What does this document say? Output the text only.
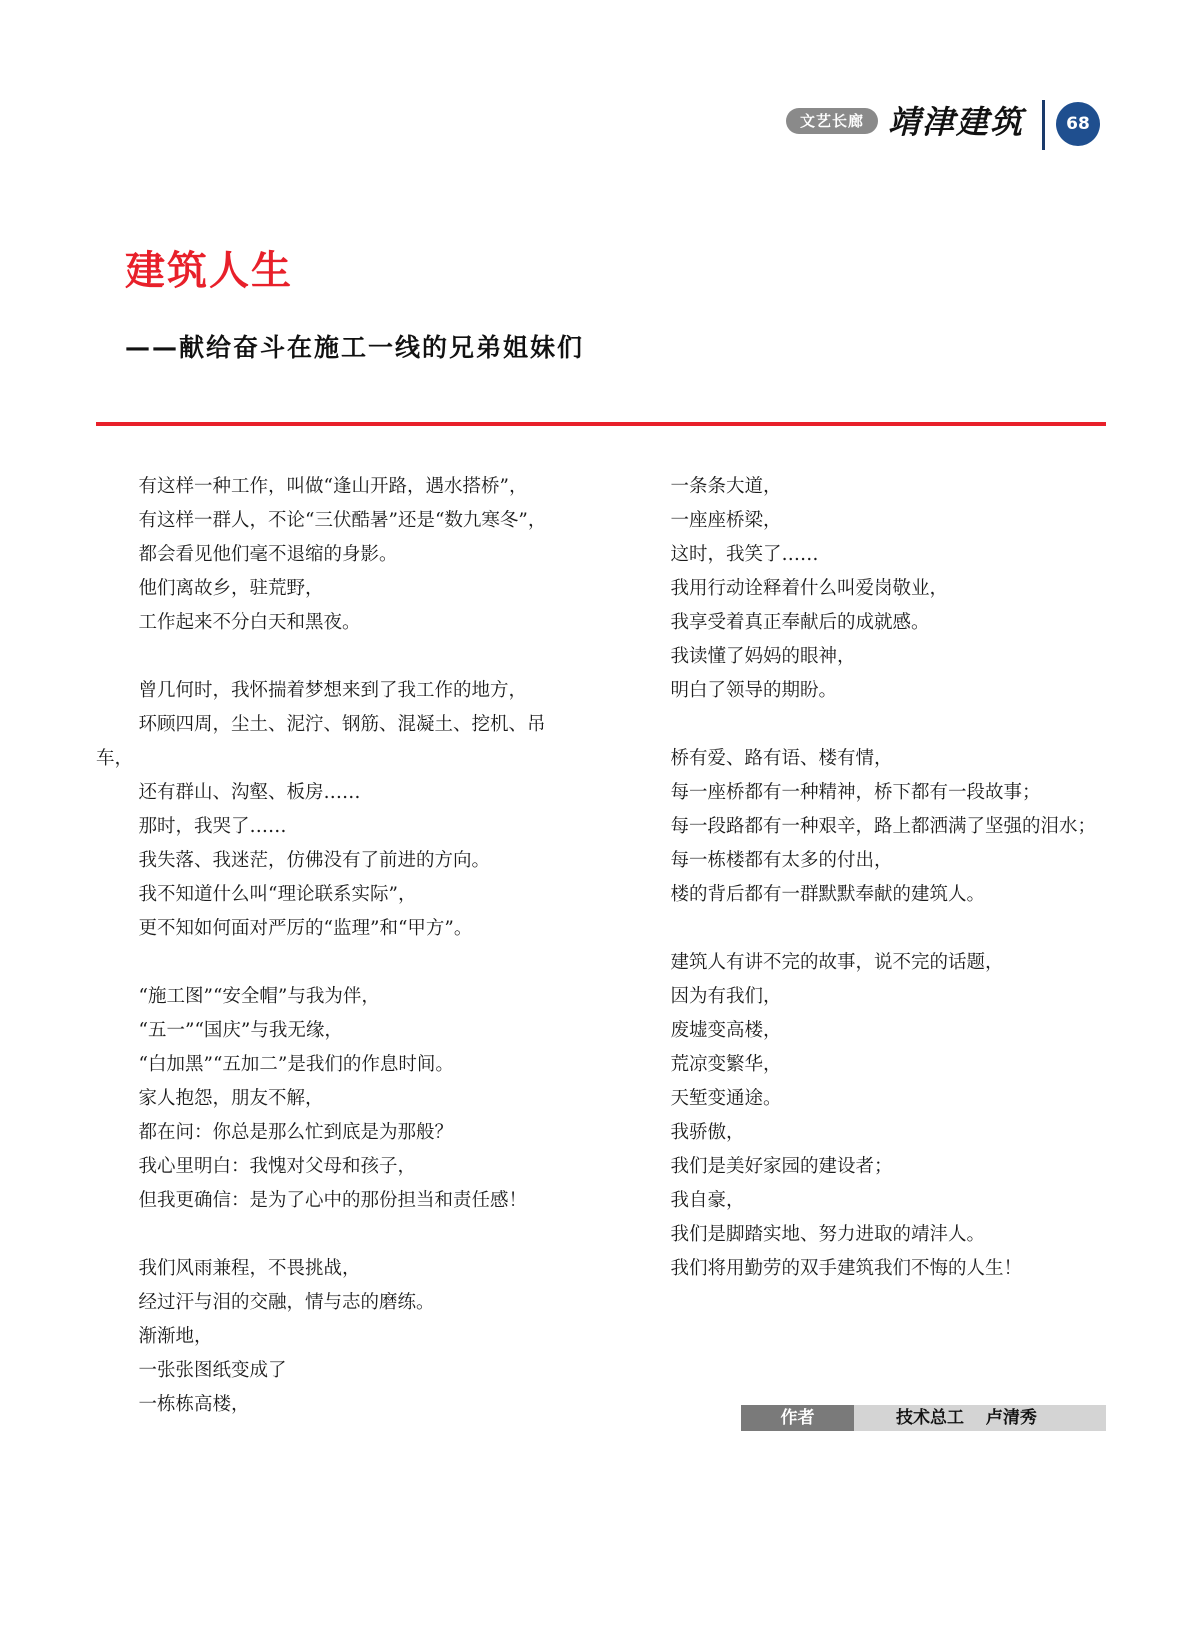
文艺长廊 靖津建筑	68
建筑人生
——献给奋斗在施工一线的兄弟姐妹们
有这样一种工作，叫做“逢山开路，遇水搭桥”，
有这样一群人，不论“三伏酷暑”还是“数九寒冬”，
都会看见他们毫不退缩的身影。
他们离故乡，驻荒野，
工作起来不分白天和黑夜。
曾几何时，我怀揣着梦想来到了我工作的地方，
环顾四周，尘土、泥泞、钢筋、混凝土、挖机、吊车，
还有群山、沟壑、板房……
那时，我哭了……
我失落、我迷茫，仿佛没有了前进的方向。
我不知道什么叫“理论联系实际”，
更不知如何面对严厉的“监理”和“甲方”。
“施工图”“安全帽”与我为伴，
“五一”“国庆”与我无缘，
“白加黑”“五加二”是我们的作息时间。
家人抱怨，朋友不解，
都在问：你总是那么忙到底是为那般？
我心里明白：我愧对父母和孩子，
但我更确信：是为了心中的那份担当和责任感！
我们风雨兼程，不畏挑战，
经过汗与泪的交融，情与志的磨练。
渐渐地，
一张张图纸变成了
一栋栋高楼，
一条条大道，
一座座桥梁，
这时，我笑了……
我用行动诠释着什么叫爱岗敬业，
我享受着真正奉献后的成就感。
我读懂了妈妈的眼神，
明白了领导的期盼。
桥有爱、路有语、楼有情，
每一座桥都有一种精神，桥下都有一段故事；
每一段路都有一种艰辛，路上都洒满了坚强的泪水；
每一栋楼都有太多的付出，
楼的背后都有一群默默奉献的建筑人。
建筑人有讲不完的故事，说不完的话题，
因为有我们，
废墟变高楼，
荒凉变繁华，
天堑变通途。
我骄傲，
我们是美好家园的建设者；
我自豪，
我们是脚踏实地、努力进取的靖沣人。
我们将用勤劳的双手建筑我们不悔的人生！
作者	技术总工 卢清秀
